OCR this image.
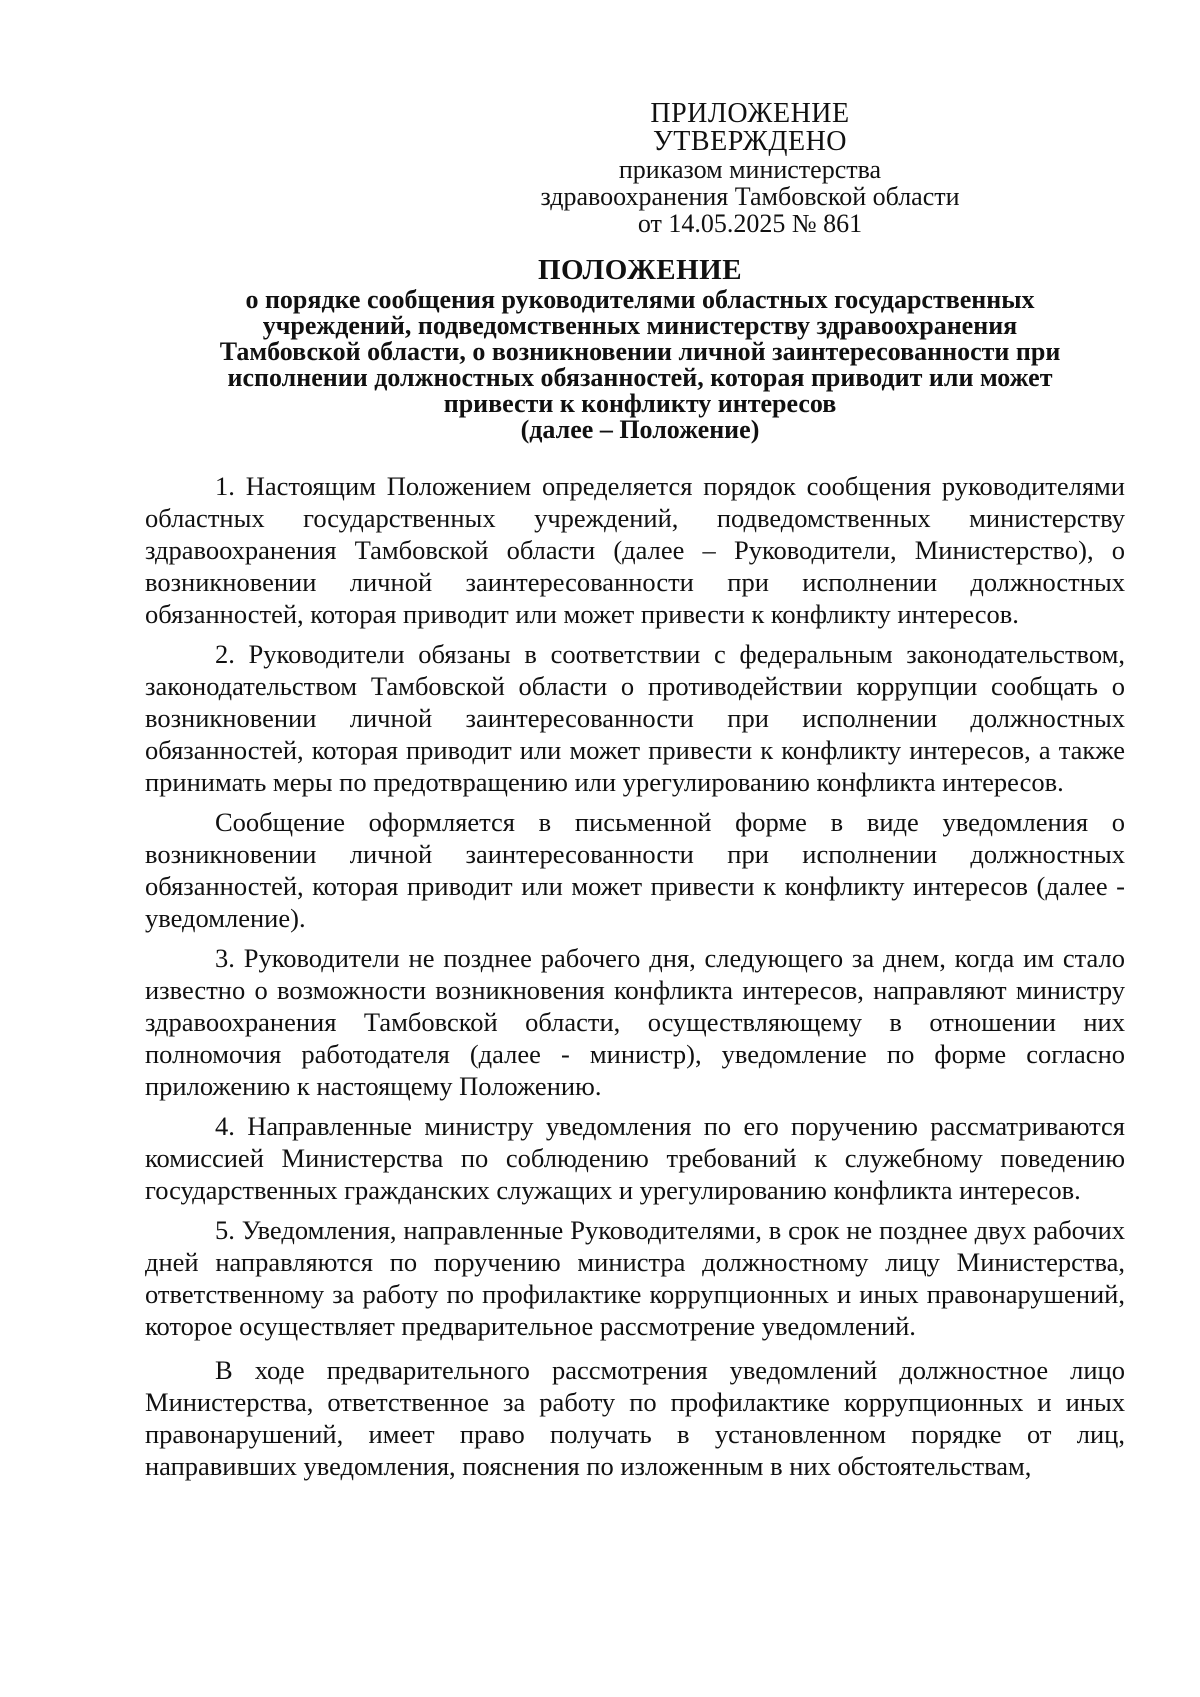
ПРИЛОЖЕНИЕ
УТВЕРЖДЕНО
приказом министерства
здравоохранения Тамбовской области
от 14.05.2025 № 861
ПОЛОЖЕНИЕ
о порядке сообщения руководителями областных государственных
учреждений, подведомственных министерству здравоохранения
Тамбовской области, о возникновении личной заинтересованности при
исполнении должностных обязанностей, которая приводит или может
привести к конфликту интересов
(далее – Положение)

1. Настоящим Положением определяется порядок сообщения руководителями областных государственных учреждений, подведомственных министерству здравоохранения Тамбовской области (далее – Руководители, Министерство), о возникновении личной заинтересованности при исполнении должностных обязанностей, которая приводит или может привести к конфликту интересов.

2. Руководители обязаны в соответствии с федеральным законодательством, законодательством Тамбовской области о противодействии коррупции сообщать о возникновении личной заинтересованности при исполнении должностных обязанностей, которая приводит или может привести к конфликту интересов, а также принимать меры по предотвращению или урегулированию конфликта интересов.

Сообщение оформляется в письменной форме в виде уведомления о возникновении личной заинтересованности при исполнении должностных обязанностей, которая приводит или может привести к конфликту интересов (далее - уведомление).

3. Руководители не позднее рабочего дня, следующего за днем, когда им стало известно о возможности возникновения конфликта интересов, направляют министру здравоохранения Тамбовской области, осуществляющему в отношении них полномочия работодателя (далее - министр), уведомление по форме согласно приложению к настоящему Положению.

4. Направленные министру уведомления по его поручению рассматриваются комиссией Министерства по соблюдению требований к служебному поведению государственных гражданских служащих и урегулированию конфликта интересов.

5. Уведомления, направленные Руководителями, в срок не позднее двух рабочих дней направляются по поручению министра должностному лицу Министерства, ответственному за работу по профилактике коррупционных и иных правонарушений, которое осуществляет предварительное рассмотрение уведомлений.

В ходе предварительного рассмотрения уведомлений должностное лицо Министерства, ответственное за работу по профилактике коррупционных и иных правонарушений, имеет право получать в установленном порядке от лиц, направивших уведомления, пояснения по изложенным в них обстоятельствам,
